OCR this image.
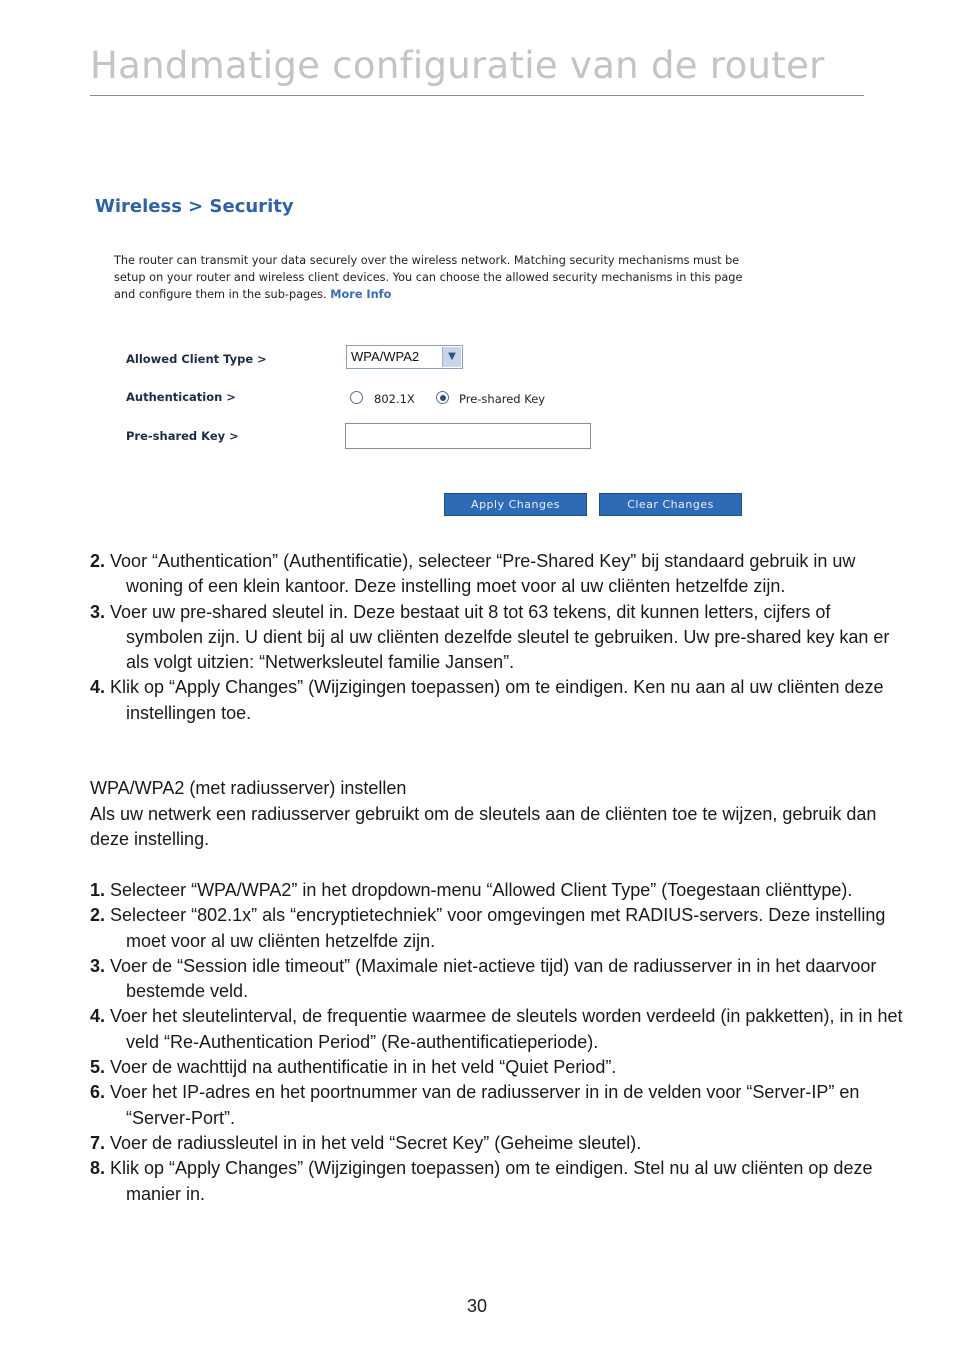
Handmatige configuratie van de router
Wireless > Security
The router can transmit your data securely over the wireless network. Matching security mechanisms must be setup on your router and wireless client devices. You can choose the allowed security mechanisms in this page and configure them in the sub-pages. More Info
Allowed Client Type >	WPA/WPA2	▼
Authentication >	802.1X	Pre-shared Key
Pre-shared Key >
Apply Changes	Clear Changes
2. Voor “Authentication” (Authentificatie), selecteer “Pre-Shared Key” bij standaard gebruik in uw woning of een klein kantoor. Deze instelling moet voor al uw cliënten hetzelfde zijn.
3. Voer uw pre-shared sleutel in. Deze bestaat uit 8 tot 63 tekens, dit kunnen letters, cijfers of symbolen zijn. U dient bij al uw cliënten dezelfde sleutel te gebruiken. Uw pre-shared key kan er als volgt uitzien: “Netwerksleutel familie Jansen”.
4. Klik op “Apply Changes” (Wijzigingen toepassen) om te eindigen. Ken nu aan al uw cliënten deze instellingen toe.
WPA/WPA2 (met radiusserver) instellen
Als uw netwerk een radiusserver gebruikt om de sleutels aan de cliënten toe te wijzen, gebruik dan deze instelling.
1. Selecteer “WPA/WPA2” in het dropdown-menu “Allowed Client Type” (Toegestaan cliënttype).
2. Selecteer “802.1x” als “encryptietechniek” voor omgevingen met RADIUS-servers. Deze instelling moet voor al uw cliënten hetzelfde zijn.
3. Voer de “Session idle timeout” (Maximale niet-actieve tijd) van de radiusserver in in het daarvoor bestemde veld.
4. Voer het sleutelinterval, de frequentie waarmee de sleutels worden verdeeld (in pakketten), in in het veld “Re-Authentication Period” (Re-authentificatieperiode).
5. Voer de wachttijd na authentificatie in in het veld “Quiet Period”.
6. Voer het IP-adres en het poortnummer van de radiusserver in in de velden voor “Server-IP” en “Server-Port”.
7. Voer de radiussleutel in in het veld “Secret Key” (Geheime sleutel).
8. Klik op “Apply Changes” (Wijzigingen toepassen) om te eindigen. Stel nu al uw cliënten op deze manier in.
30
